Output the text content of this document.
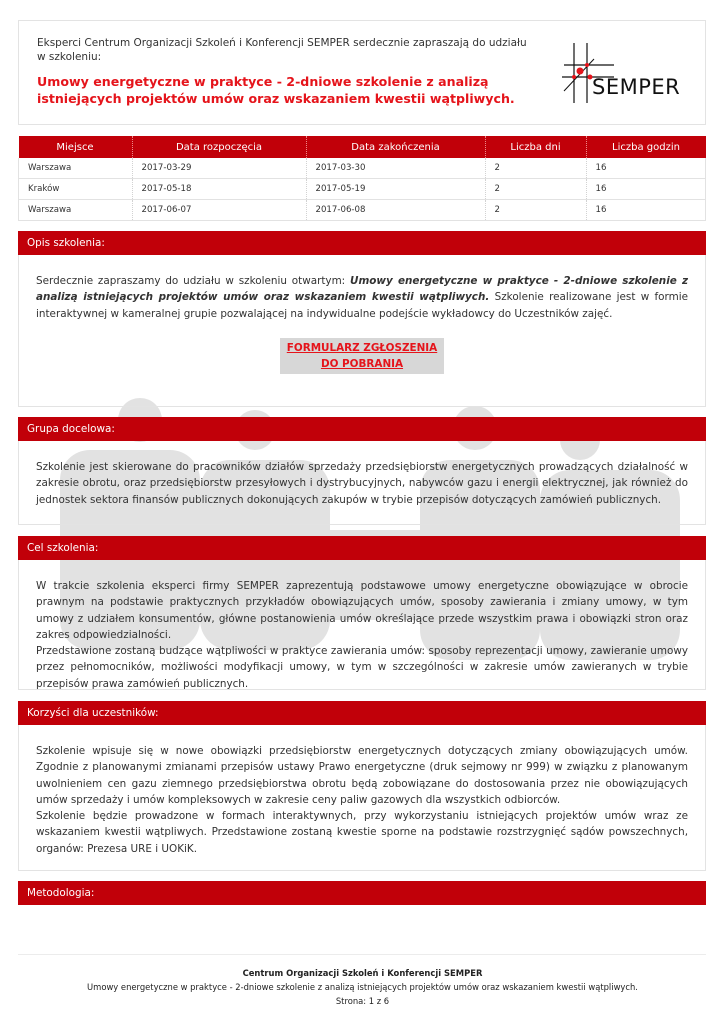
Eksperci Centrum Organizacji Szkoleń i Konferencji SEMPER serdecznie zapraszają do udziału w szkoleniu:
Umowy energetyczne w praktyce - 2-dniowe szkolenie z analizą istniejących projektów umów oraz wskazaniem kwestii wątpliwych.	SEMPER
Miejsce	Data rozpoczęcia	Data zakończenia	Liczba dni	Liczba godzin
Warszawa	2017-03-29	2017-03-30	2	16
Kraków	2017-05-18	2017-05-19	2	16
Warszawa	2017-06-07	2017-06-08	2	16
Opis szkolenia:
Serdecznie zapraszamy do udziału w szkoleniu otwartym: Umowy energetyczne w praktyce - 2-dniowe szkolenie z analizą istniejących projektów umów oraz wskazaniem kwestii wątpliwych. Szkolenie realizowane jest w formie interaktywnej w kameralnej grupie pozwalającej na indywidualne podejście wykładowcy do Uczestników zajęć.
FORMULARZ ZGŁOSZENIA
DO POBRANIA
Grupa docelowa:
Szkolenie jest skierowane do pracowników działów sprzedaży przedsiębiorstw energetycznych prowadzących działalność w zakresie obrotu, oraz przedsiębiorstw przesyłowych i dystrybucyjnych, nabywców gazu i energii elektrycznej, jak również do jednostek sektora finansów publicznych dokonujących zakupów w trybie przepisów dotyczących zamówień publicznych.
Cel szkolenia:

W trakcie szkolenia eksperci firmy SEMPER zaprezentują podstawowe umowy energetyczne obowiązujące w obrocie prawnym na podstawie praktycznych przykładów obowiązujących umów, sposoby zawierania i zmiany umowy, w tym umowy z udziałem konsumentów, główne postanowienia umów określające przede wszystkim prawa i obowiązki stron oraz zakres odpowiedzialności.

Przedstawione zostaną budzące wątpliwości w praktyce zawierania umów: sposoby reprezentacji umowy, zawieranie umowy przez pełnomocników, możliwości modyfikacji umowy, w tym w szczególności w zakresie umów zawieranych w trybie przepisów prawa zamówień publicznych.

Korzyści dla uczestników:

Szkolenie wpisuje się w nowe obowiązki przedsiębiorstw energetycznych dotyczących zmiany obowiązujących umów. Zgodnie z planowanymi zmianami przepisów ustawy Prawo energetyczne (druk sejmowy nr 999) w związku z planowanym uwolnieniem cen gazu ziemnego przedsiębiorstwa obrotu będą zobowiązane do dostosowania przez nie obowiązujących umów sprzedaży i umów kompleksowych w zakresie ceny paliw gazowych dla wszystkich odbiorców.

Szkolenie będzie prowadzone w formach interaktywnych, przy wykorzystaniu istniejących projektów umów wraz ze wskazaniem kwestii wątpliwych. Przedstawione zostaną kwestie sporne na podstawie rozstrzygnięć sądów powszechnych, organów: Prezesa URE i UOKiK.

Metodologia:
Centrum Organizacji Szkoleń i Konferencji SEMPER
Umowy energetyczne w praktyce - 2-dniowe szkolenie z analizą istniejących projektów umów oraz wskazaniem kwestii wątpliwych.
Strona: 1 z 6
